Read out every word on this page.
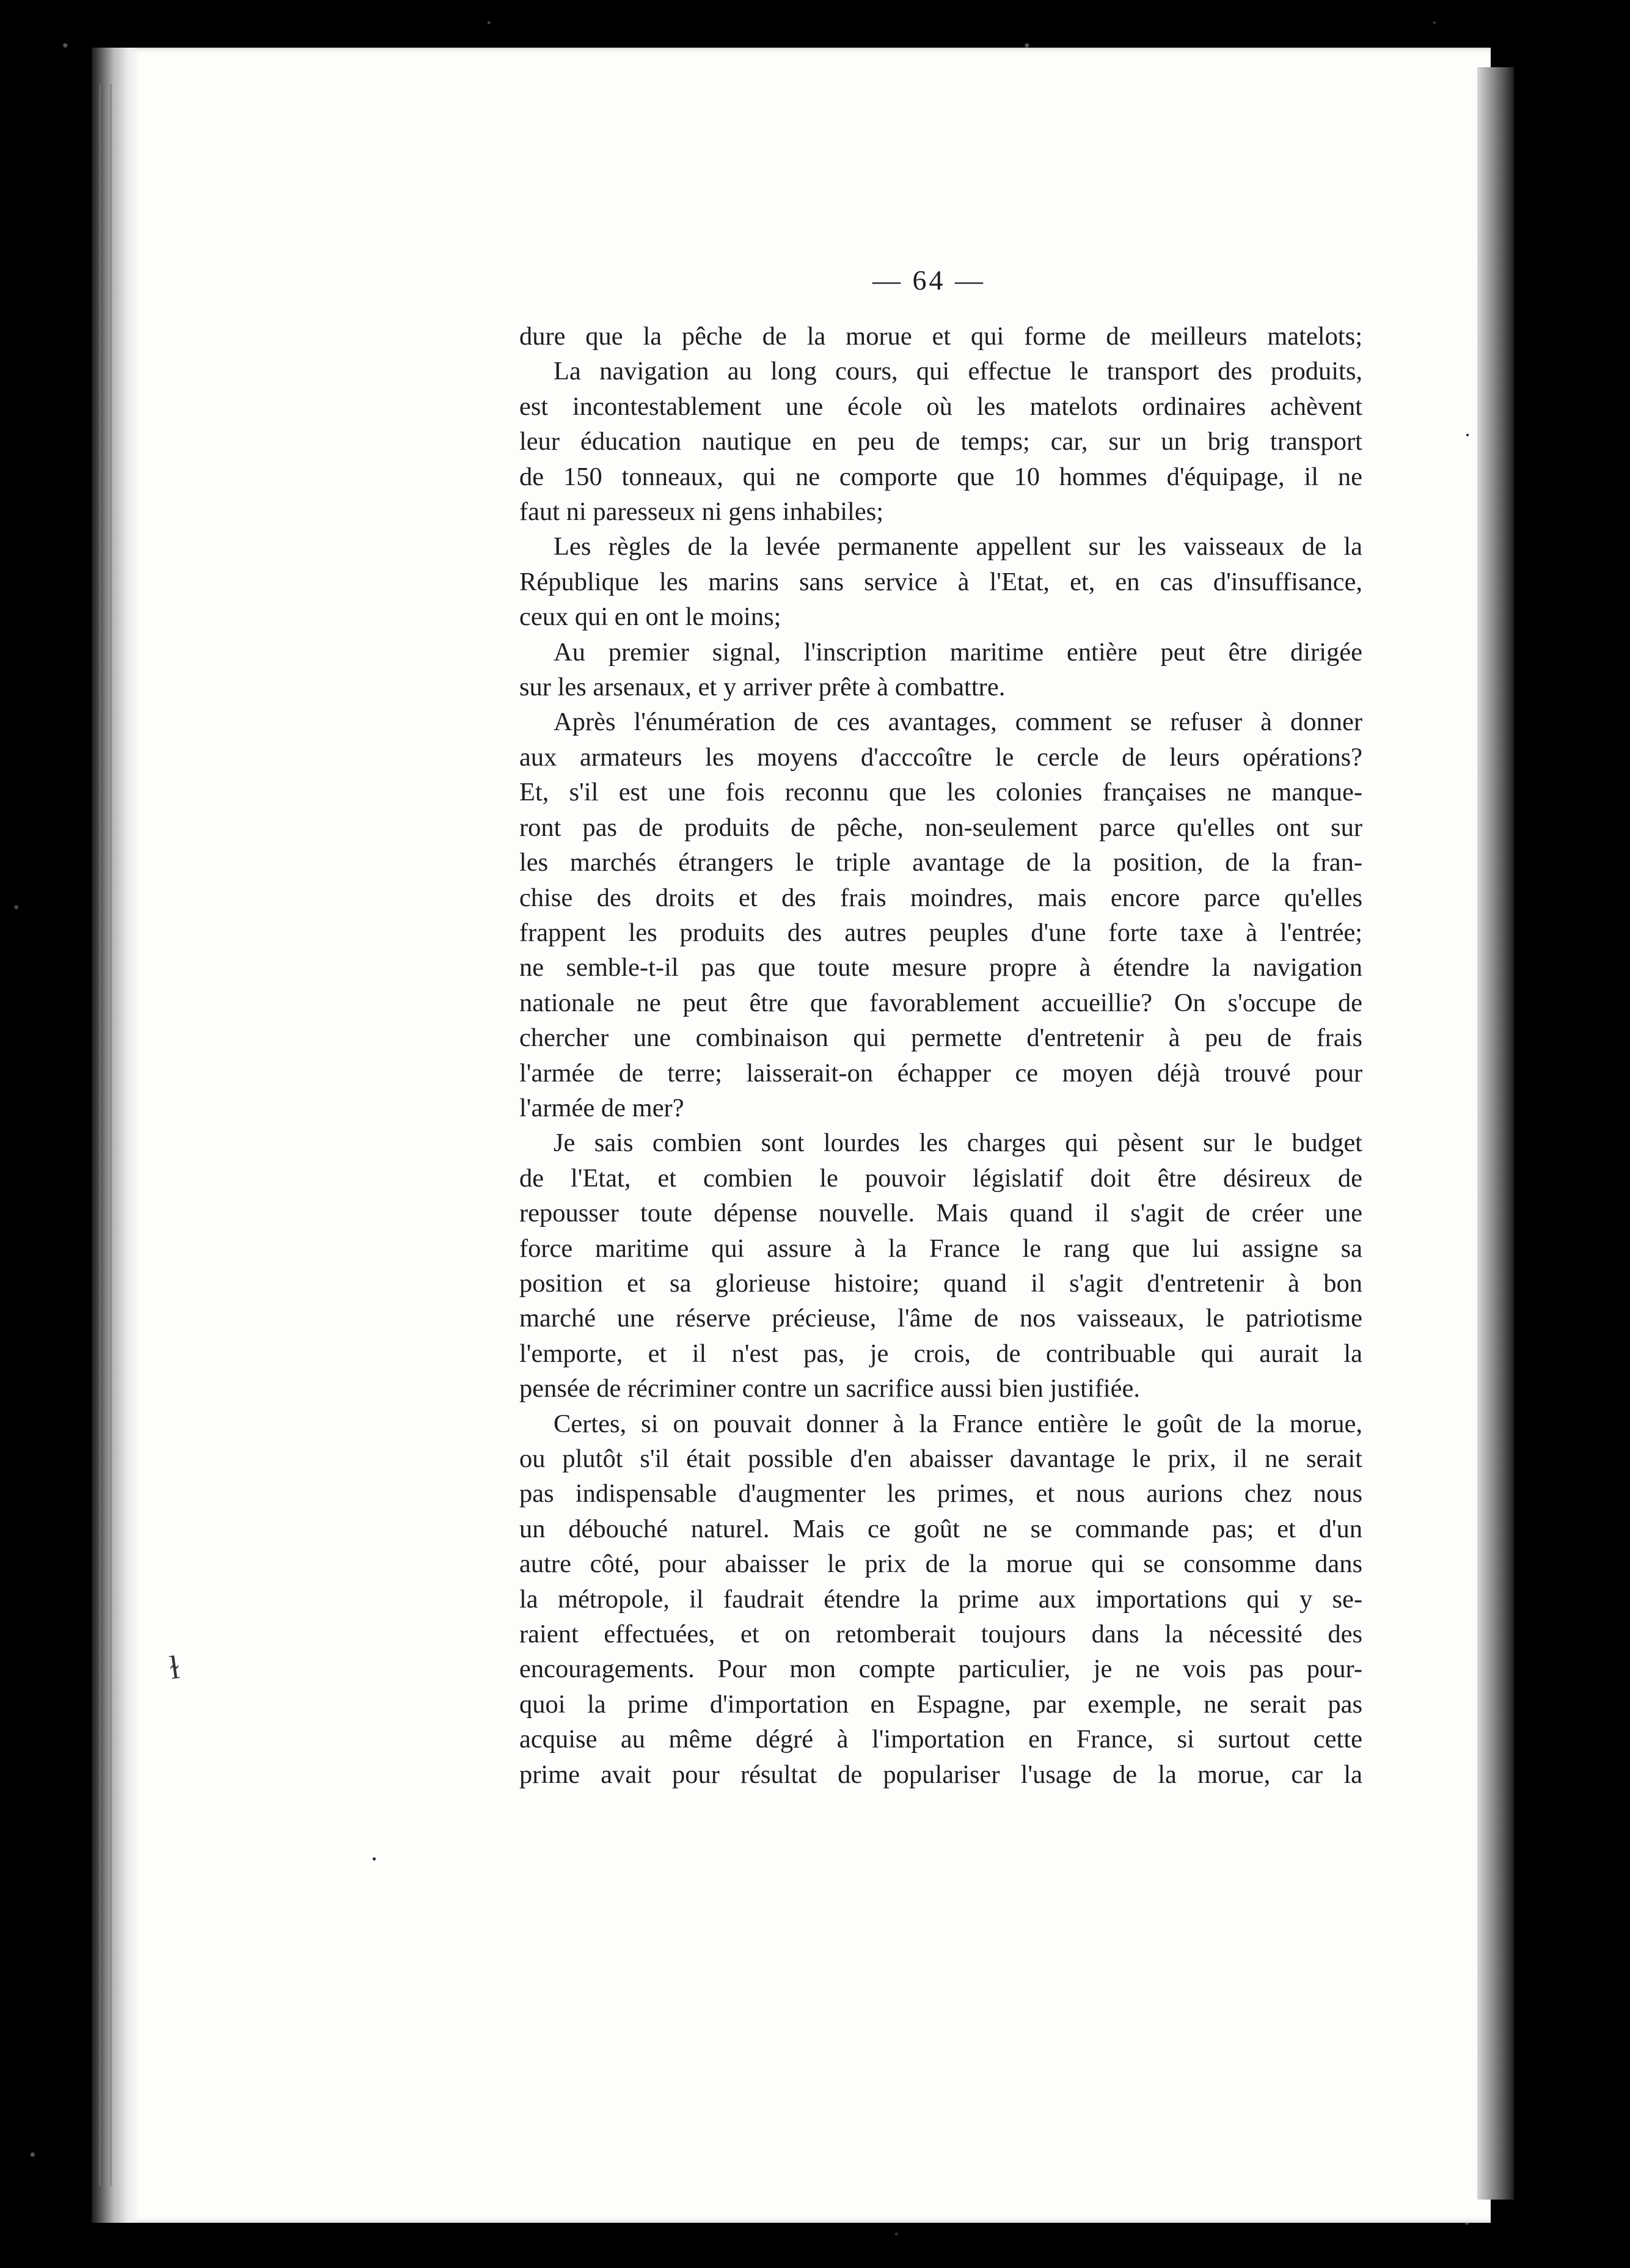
— 64 —
dure que la pêche de la morue et qui forme de meilleurs matelots;
La navigation au long cours, qui effectue le transport des produits,
est incontestablement une école où les matelots ordinaires achèvent
leur éducation nautique en peu de temps; car, sur un brig transport
de 150 tonneaux, qui ne comporte que 10 hommes d'équipage, il ne
faut ni paresseux ni gens inhabiles;
Les règles de la levée permanente appellent sur les vaisseaux de la
République les marins sans service à l'Etat, et, en cas d'insuffisance,
ceux qui en ont le moins;
Au premier signal, l'inscription maritime entière peut être dirigée
sur les arsenaux, et y arriver prête à combattre.
Après l'énumération de ces avantages, comment se refuser à donner
aux armateurs les moyens d'acccoître le cercle de leurs opérations?
Et, s'il est une fois reconnu que les colonies françaises ne manque-
ront pas de produits de pêche, non-seulement parce qu'elles ont sur
les marchés étrangers le triple avantage de la position, de la fran-
chise des droits et des frais moindres, mais encore parce qu'elles
frappent les produits des autres peuples d'une forte taxe à l'entrée;
ne semble-t-il pas que toute mesure propre à étendre la navigation
nationale ne peut être que favorablement accueillie? On s'occupe de
chercher une combinaison qui permette d'entretenir à peu de frais
l'armée de terre; laisserait-on échapper ce moyen déjà trouvé pour
l'armée de mer?
Je sais combien sont lourdes les charges qui pèsent sur le budget
de l'Etat, et combien le pouvoir législatif doit être désireux de
repousser toute dépense nouvelle. Mais quand il s'agit de créer une
force maritime qui assure à la France le rang que lui assigne sa
position et sa glorieuse histoire; quand il s'agit d'entretenir à bon
marché une réserve précieuse, l'âme de nos vaisseaux, le patriotisme
l'emporte, et il n'est pas, je crois, de contribuable qui aurait la
pensée de récriminer contre un sacrifice aussi bien justifiée.
Certes, si on pouvait donner à la France entière le goût de la morue,
ou plutôt s'il était possible d'en abaisser davantage le prix, il ne serait
pas indispensable d'augmenter les primes, et nous aurions chez nous
un débouché naturel. Mais ce goût ne se commande pas; et d'un
autre côté, pour abaisser le prix de la morue qui se consomme dans
la métropole, il faudrait étendre la prime aux importations qui y se-
raient effectuées, et on retomberait toujours dans la nécessité des
encouragements. Pour mon compte particulier, je ne vois pas pour-
quoi la prime d'importation en Espagne, par exemple, ne serait pas
acquise au même dégré à l'importation en France, si surtout cette
prime avait pour résultat de populariser l'usage de la morue, car la
ɫ
